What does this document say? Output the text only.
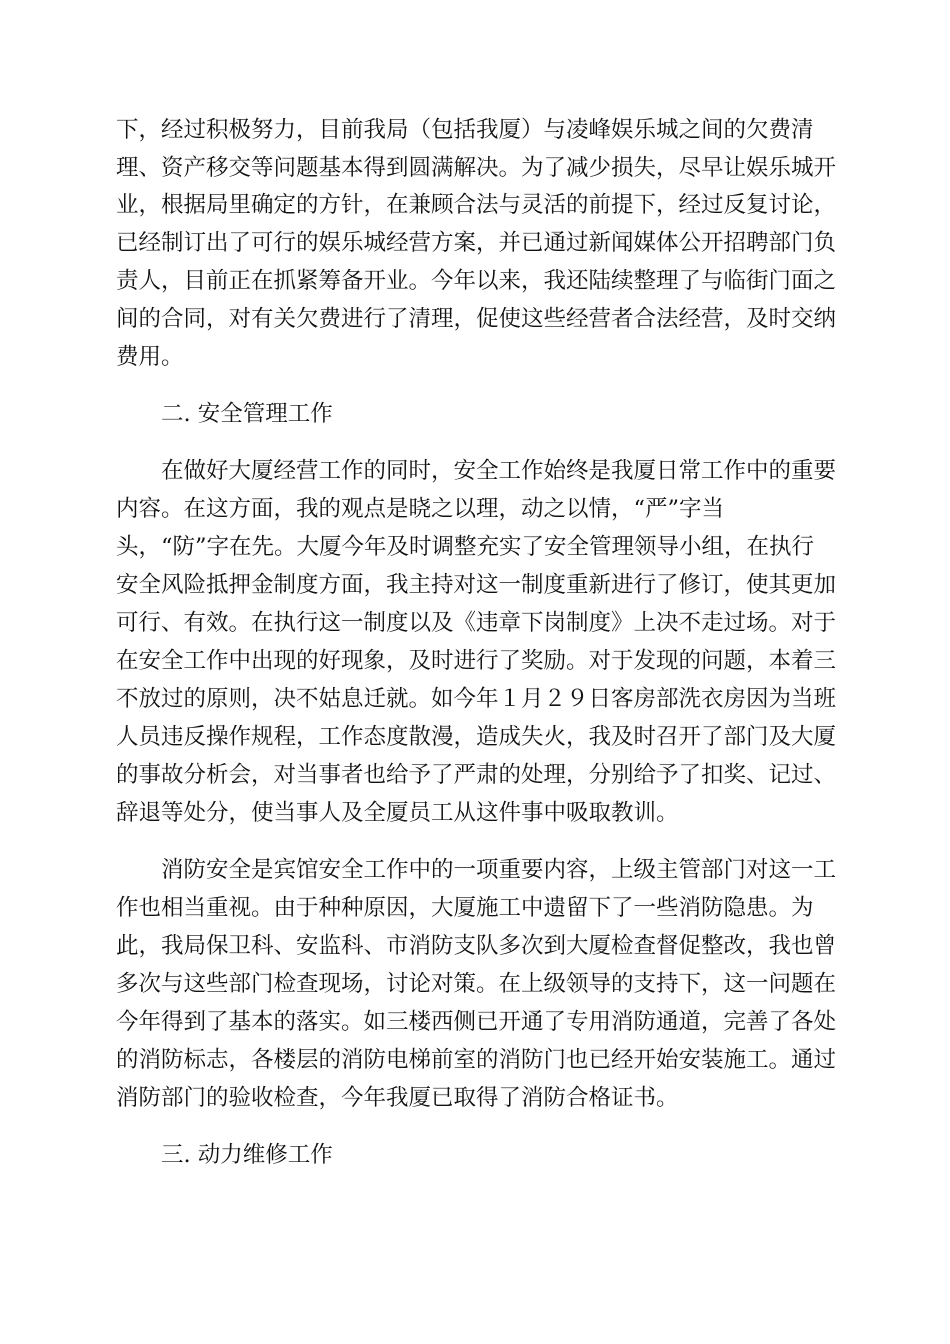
下，经过积极努力，目前我局（包括我厦）与凌峰娱乐城之间的欠费清
理、资产移交等问题基本得到圆满解决。为了减少损失，尽早让娱乐城开
业，根据局里确定的方针，在兼顾合法与灵活的前提下，经过反复讨论，
已经制订出了可行的娱乐城经营方案，并已通过新闻媒体公开招聘部门负
责人，目前正在抓紧筹备开业。今年以来，我还陆续整理了与临街门面之
间的合同，对有关欠费进行了清理，促使这些经营者合法经营，及时交纳
费用。
二. 安全管理工作
在做好大厦经营工作的同时，安全工作始终是我厦日常工作中的重要
内容。在这方面，我的观点是晓之以理，动之以情，“严”字当
头，“防”字在先。大厦今年及时调整充实了安全管理领导小组，在执行
安全风险抵押金制度方面，我主持对这一制度重新进行了修订，使其更加
可行、有效。在执行这一制度以及《违章下岗制度》上决不走过场。对于
在安全工作中出现的好现象，及时进行了奖励。对于发现的问题，本着三
不放过的原则，决不姑息迁就。如今年１月２９日客房部洗衣房因为当班
人员违反操作规程，工作态度散漫，造成失火，我及时召开了部门及大厦
的事故分析会，对当事者也给予了严肃的处理，分别给予了扣奖、记过、
辞退等处分，使当事人及全厦员工从这件事中吸取教训。
消防安全是宾馆安全工作中的一项重要内容，上级主管部门对这一工
作也相当重视。由于种种原因，大厦施工中遗留下了一些消防隐患。为
此，我局保卫科、安监科、市消防支队多次到大厦检查督促整改，我也曾
多次与这些部门检查现场，讨论对策。在上级领导的支持下，这一问题在
今年得到了基本的落实。如三楼西侧已开通了专用消防通道，完善了各处
的消防标志，各楼层的消防电梯前室的消防门也已经开始安装施工。通过
消防部门的验收检查，今年我厦已取得了消防合格证书。
三. 动力维修工作
